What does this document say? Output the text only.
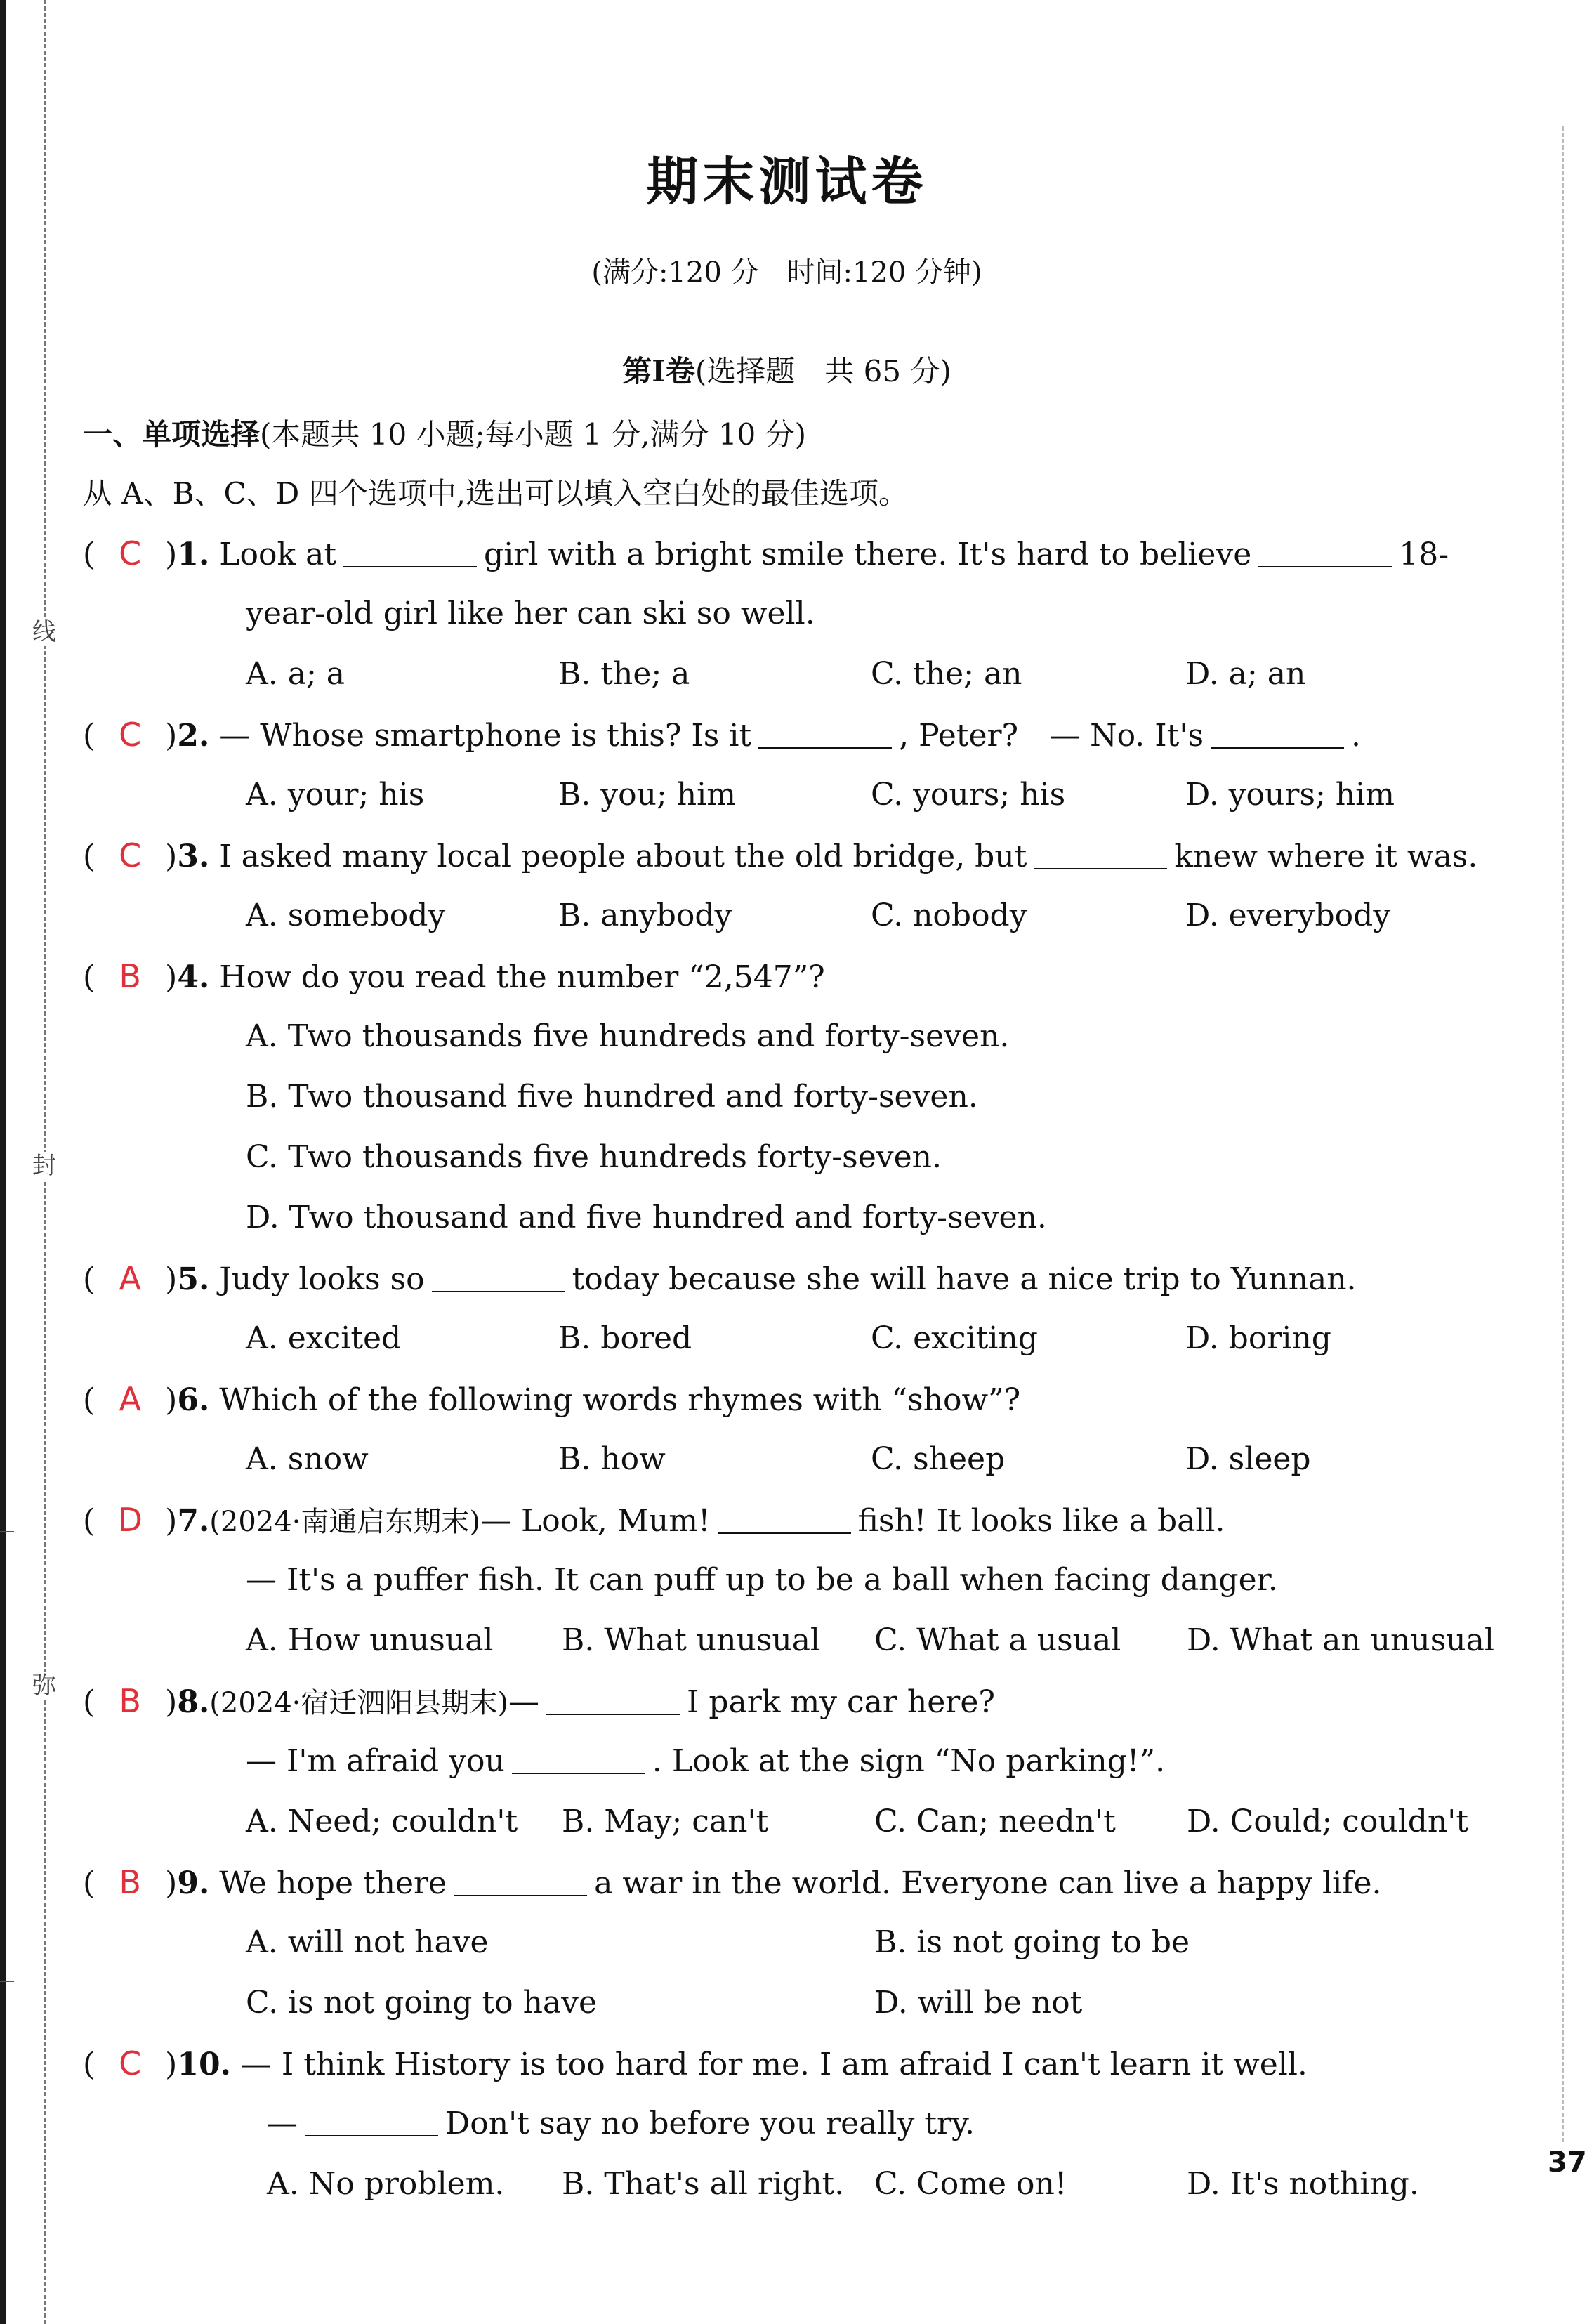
线
封
弥
37
期末测试卷
(满分:120 分　时间:120 分钟)
第Ⅰ卷(选择题　共 65 分)
一、单项选择(本题共 10 小题;每小题 1 分,满分 10 分)
从 A、B、C、D 四个选项中,选出可以填入空白处的最佳选项。
( C )1. Look at	girl with a bright smile there. It's hard to believe	18-
year-old girl like her can ski so well.
A. a; a	B. the; a	C. the; an	D. a; an
( C )2. — Whose smartphone is this? Is it	, Peter?　— No. It's	.
A. your; his	B. you; him	C. yours; his	D. yours; him
( C )3. I asked many local people about the old bridge, but	knew where it was.
A. somebody	B. anybody	C. nobody	D. everybody
( B )4. How do you read the number “2,547”?
A. Two thousands five hundreds and forty-seven.
B. Two thousand five hundred and forty-seven.
C. Two thousands five hundreds forty-seven.
D. Two thousand and five hundred and forty-seven.
( A )5. Judy looks so	today because she will have a nice trip to Yunnan.
A. excited	B. bored	C. exciting	D. boring
( A )6. Which of the following words rhymes with “show”?
A. snow	B. how	C. sheep	D. sleep
( D )7.(2024·南通启东期末)— Look, Mum!	fish! It looks like a ball.
— It's a puffer fish. It can puff up to be a ball when facing danger.
A. How unusual B. What unusual C. What a usual D. What an unusual
( B )8.(2024·宿迁泗阳县期末)—	I park my car here?
— I'm afraid you	. Look at the sign “No parking!”.
A. Need; couldn't B. May; can't	C. Can; needn't D. Could; couldn't
( B )9. We hope there	a war in the world. Everyone can live a happy life.
A. will not have	B. is not going to be
C. is not going to have	D. will be not
( C )10. — I think History is too hard for me. I am afraid I can't learn it well.
—	Don't say no before you really try.
A. No problem. B. That's all right. C. Come on!	D. It's nothing.
